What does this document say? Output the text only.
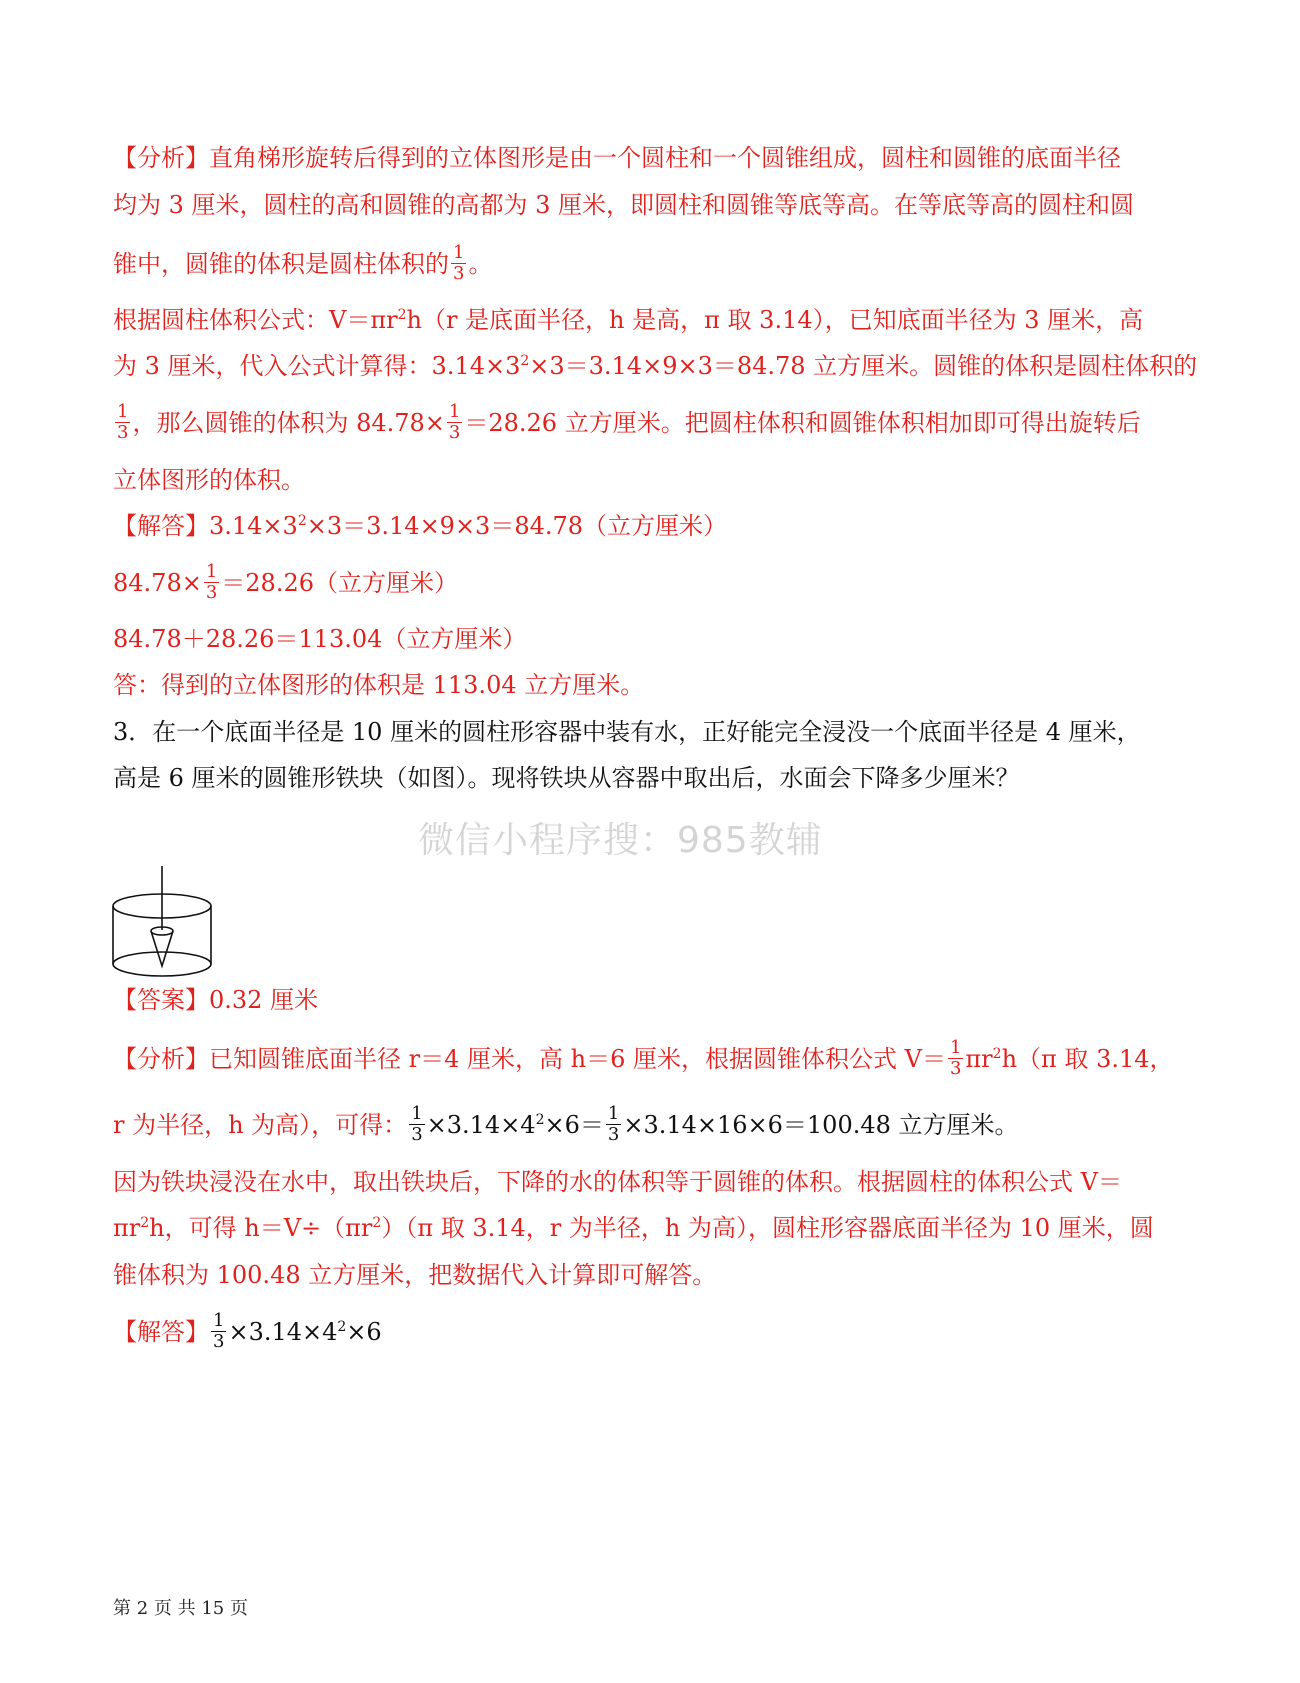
【分析】直角梯形旋转后得到的立体图形是由一个圆柱和一个圆锥组成，圆柱和圆锥的底面半径
均为 3 厘米，圆柱的高和圆锥的高都为 3 厘米，即圆柱和圆锥等底等高。在等底等高的圆柱和圆
锥中，圆锥的体积是圆柱体积的 $\frac{1}{3}$ 。
根据圆柱体积公式：$V=\pi r^2h(r$ 是底面半径，h 是高，π 取 3.14），已知底面半径为 3 厘米，高
为 3 厘米，代入公式计算得：$3.14\times 3^2\times 3=3.14\times 9\times 3=84.78$ 立方厘米。圆锥的体积是圆柱体积的
$\frac{1}{3}$ ，那么圆锥的体积为 $84.78\times \frac{1}{3} =28.26$ 立方厘米。把圆柱体积和圆锥体积相加即可得出旋转后
立体图形的体积。
【解答】$3.14\times 3^2\times 3=3.14\times 9\times 3=84.78$（立方厘米）
$84.78\times \frac{1}{3} =28.26$（立方厘米）
84.78＋28.26＝113.04（立方厘米）
答：得到的立体图形的体积是 113.04 立方厘米。
3．在一个底面半径是 10 厘米的圆柱形容器中装有水，正好能完全浸没一个底面半径是 4 厘米，
高是 6 厘米的圆锥形铁块（如图）。现将铁块从容器中取出后，水面会下降多少厘米？
微信小程序搜：985教辅
【答案】0.32 厘米
【分析】已知圆锥底面半径 r＝4 厘米，高 h＝6 厘米，根据圆锥体积公式 $V= \frac{1}{3} \pi r^2h(\pi$ 取 3.14，
r 为半径，h 为高），可得： $\frac{1}{3} \times 3.14\times 4^2\times 6= \frac{1}{3} \times 3.14\times 16\times 6=100.48$ 立方厘米。
因为铁块浸没在水中，取出铁块后，下降的水的体积等于圆锥的体积。根据圆柱的体积公式 V＝
$\pi r^2h$，可得 $h=V\div(\pi r^2)(\pi$ 取 3.14，r 为半径，h 为高），圆柱形容器底面半径为 10 厘米，圆
锥体积为 100.48 立方厘米，把数据代入计算即可解答。
【解答】 $\frac{1}{3} \times 3.14\times 4^2\times 6$
第 2 页 共 15 页
